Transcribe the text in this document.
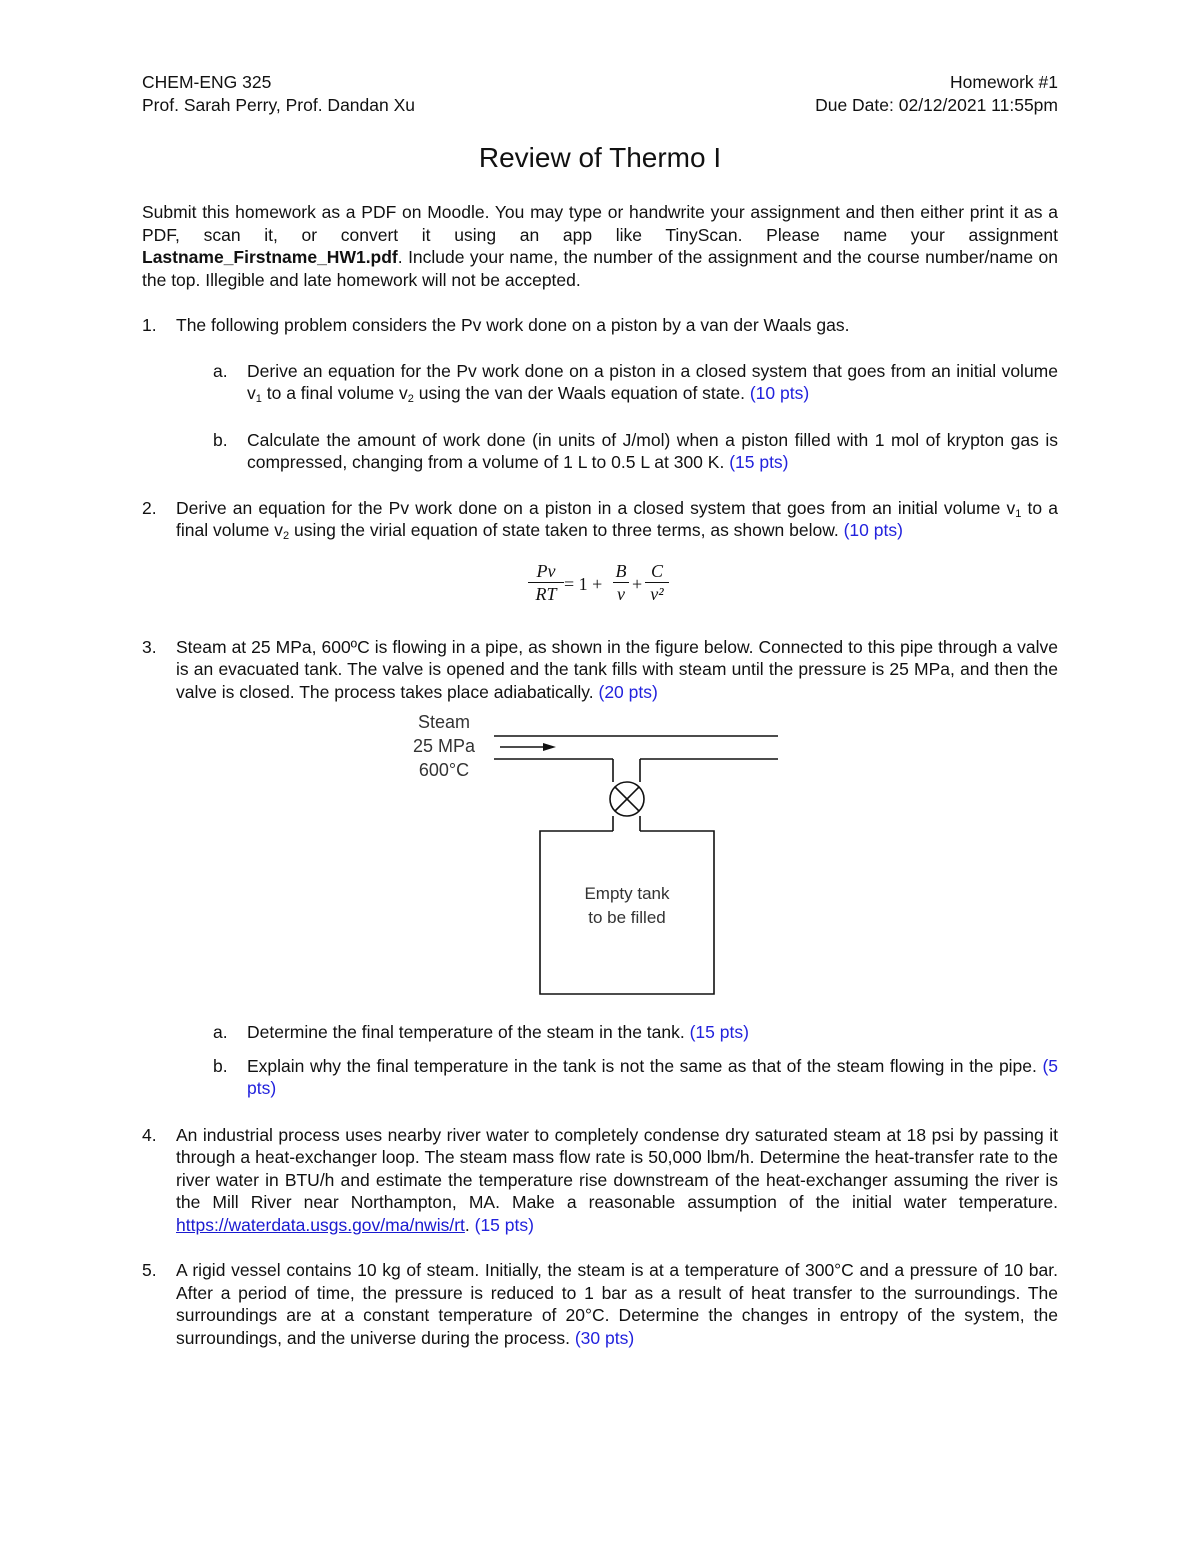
CHEM-ENG 325
Prof. Sarah Perry, Prof. Dandan Xu
Homework #1
Due Date: 02/12/2021 11:55pm
Review of Thermo I

Submit this homework as a PDF on Moodle. You may type or handwrite your assignment and then either print it as a PDF, scan it, or convert it using an app like TinyScan. Please name your assignment Lastname_Firstname_HW1.pdf. Include your name, the number of the assignment and the course number/name on the top. Illegible and late homework will not be accepted.

1. The following problem considers the Pv work done on a piston by a van der Waals gas.
a. Derive an equation for the Pv work done on a piston in a closed system that goes from an initial volume $v_1$ to a final volume $v_2$ using the van der Waals equation of state. (10 pts)
b. Calculate the amount of work done (in units of J/mol) when a piston filled with 1 mol of krypton gas is compressed, changing from a volume of 1 L to 0.5 L at 300 K. (15 pts)
2. Derive an equation for the Pv work done on a piston in a closed system that goes from an initial volume $v_1$ to a final volume $v_2$ using the virial equation of state taken to three terms, as shown below. (10 pts)
$\frac{Pv}{RT} = 1 + \frac{B}{v} + \frac{C}{\text{v²}}$
3. Steam at 25 MPa, 600ºC is flowing in a pipe, as shown in the figure below. Connected to this pipe through a valve is an evacuated tank. The valve is opened and the tank fills with steam until the pressure is 25 MPa, and then the valve is closed. The process takes place adiabatically. (20 pts)
Steam
25 MPa
600°C
Empty tank
to be filled
a. Determine the final temperature of the steam in the tank. (15 pts)
b. Explain why the final temperature in the tank is not the same as that of the steam flowing in the pipe. (5 pts)
4. An industrial process uses nearby river water to completely condense dry saturated steam at 18 psi by passing it through a heat-exchanger loop. The steam mass flow rate is 50,000 lbm/h. Determine the heat-transfer rate to the river water in BTU/h and estimate the temperature rise downstream of the heat-exchanger assuming the river is the Mill River near Northampton, MA. Make a reasonable assumption of the initial water temperature. https://waterdata.usgs.gov/ma/nwis/rt. (15 pts)
5. A rigid vessel contains 10 kg of steam. Initially, the steam is at a temperature of 300°C and a pressure of 10 bar. After a period of time, the pressure is reduced to 1 bar as a result of heat transfer to the surroundings. The surroundings are at a constant temperature of 20°C. Determine the changes in entropy of the system, the surroundings, and the universe during the process. (30 pts)
